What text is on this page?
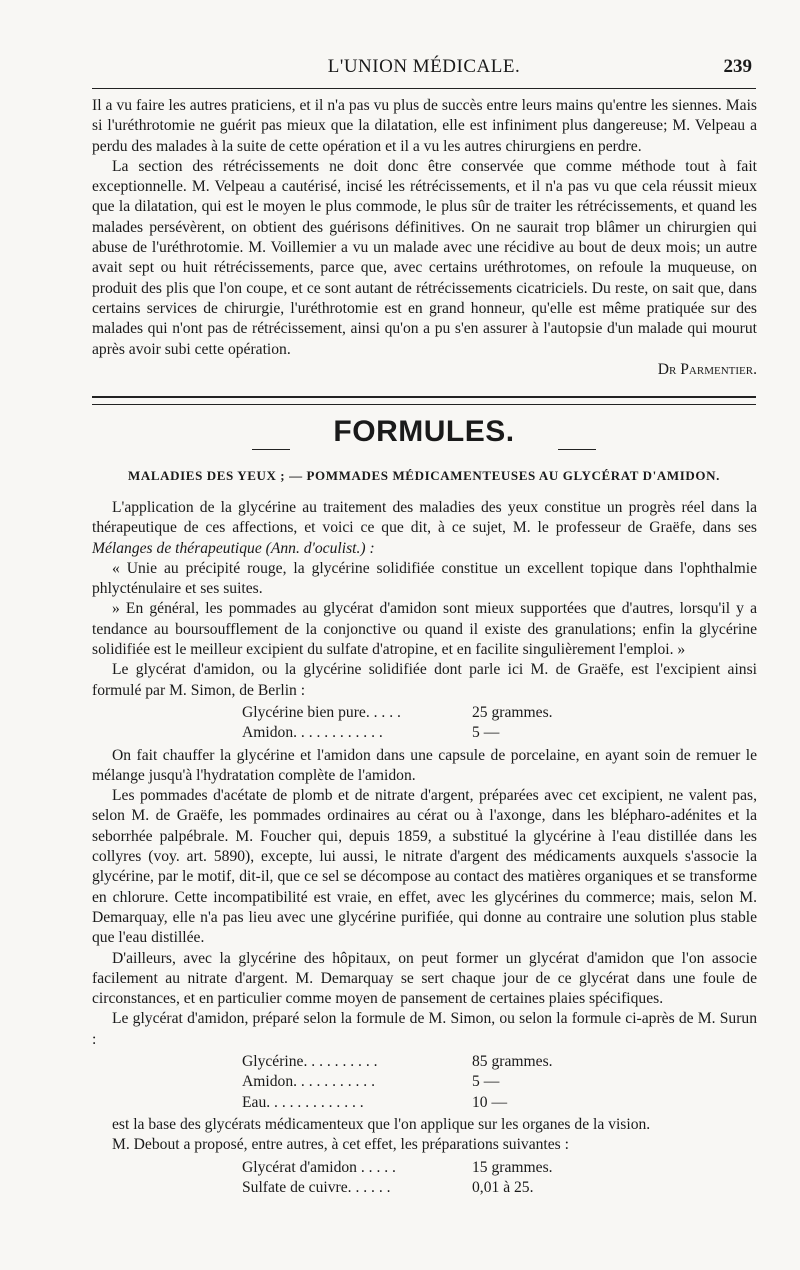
L'UNION MÉDICALE.	239

Il a vu faire les autres praticiens, et il n'a pas vu plus de succès entre leurs mains qu'entre les siennes. Mais si l'uréthrotomie ne guérit pas mieux que la dilatation, elle est infiniment plus dangereuse; M. Velpeau a perdu des malades à la suite de cette opération et il a vu les autres chirurgiens en perdre.

La section des rétrécissements ne doit donc être conservée que comme méthode tout à fait exceptionnelle. M. Velpeau a cautérisé, incisé les rétrécissements, et il n'a pas vu que cela réussit mieux que la dilatation, qui est le moyen le plus commode, le plus sûr de traiter les rétrécissements, et quand les malades persévèrent, on obtient des guérisons définitives. On ne saurait trop blâmer un chirurgien qui abuse de l'uréthrotomie. M. Voillemier a vu un malade avec une récidive au bout de deux mois; un autre avait sept ou huit rétrécissements, parce que, avec certains uréthrotomes, on refoule la muqueuse, on produit des plis que l'on coupe, et ce sont autant de rétrécissements cicatriciels. Du reste, on sait que, dans certains services de chirurgie, l'uréthrotomie est en grand honneur, qu'elle est même pratiquée sur des malades qui n'ont pas de rétrécissement, ainsi qu'on a pu s'en assurer à l'autopsie d'un malade qui mourut après avoir subi cette opération.

Dr Parmentier.
FORMULES.
MALADIES DES YEUX ; — POMMADES MÉDICAMENTEUSES AU GLYCÉRAT D'AMIDON.

L'application de la glycérine au traitement des maladies des yeux constitue un progrès réel dans la thérapeutique de ces affections, et voici ce que dit, à ce sujet, M. le professeur de Graëfe, dans ses Mélanges de thérapeutique (Ann. d'oculist.) :

« Unie au précipité rouge, la glycérine solidifiée constitue un excellent topique dans l'ophthalmie phlycténulaire et ses suites.

» En général, les pommades au glycérat d'amidon sont mieux supportées que d'autres, lorsqu'il y a tendance au boursoufflement de la conjonctive ou quand il existe des granulations; enfin la glycérine solidifiée est le meilleur excipient du sulfate d'atropine, et en facilite singulièrement l'emploi. »

Le glycérat d'amidon, ou la glycérine solidifiée dont parle ici M. de Graëfe, est l'excipient ainsi formulé par M. Simon, de Berlin :

Glycérine bien pure. . . . .	25 grammes.
Amidon. . . . . . . . . . . .	5 —

On fait chauffer la glycérine et l'amidon dans une capsule de porcelaine, en ayant soin de remuer le mélange jusqu'à l'hydratation complète de l'amidon.

Les pommades d'acétate de plomb et de nitrate d'argent, préparées avec cet excipient, ne valent pas, selon M. de Graëfe, les pommades ordinaires au cérat ou à l'axonge, dans les blépharo-adénites et la seborrhée palpébrale. M. Foucher qui, depuis 1859, a substitué la glycérine à l'eau distillée dans les collyres (voy. art. 5890), excepte, lui aussi, le nitrate d'argent des médicaments auxquels s'associe la glycérine, par le motif, dit-il, que ce sel se décompose au contact des matières organiques et se transforme en chlorure. Cette incompatibilité est vraie, en effet, avec les glycérines du commerce; mais, selon M. Demarquay, elle n'a pas lieu avec une glycérine purifiée, qui donne au contraire une solution plus stable que l'eau distillée.

D'ailleurs, avec la glycérine des hôpitaux, on peut former un glycérat d'amidon que l'on associe facilement au nitrate d'argent. M. Demarquay se sert chaque jour de ce glycérat dans une foule de circonstances, et en particulier comme moyen de pansement de certaines plaies spécifiques.

Le glycérat d'amidon, préparé selon la formule de M. Simon, ou selon la formule ci-après de M. Surun :

Glycérine. . . . . . . . . .	85 grammes.
Amidon. . . . . . . . . . .	5 —
Eau. . . . . . . . . . . . .	10 —

est la base des glycérats médicamenteux que l'on applique sur les organes de la vision.

M. Debout a proposé, entre autres, à cet effet, les préparations suivantes :

Glycérat d'amidon . . . . .	15 grammes.
Sulfate de cuivre. . . . . .	0,01 à 25.
